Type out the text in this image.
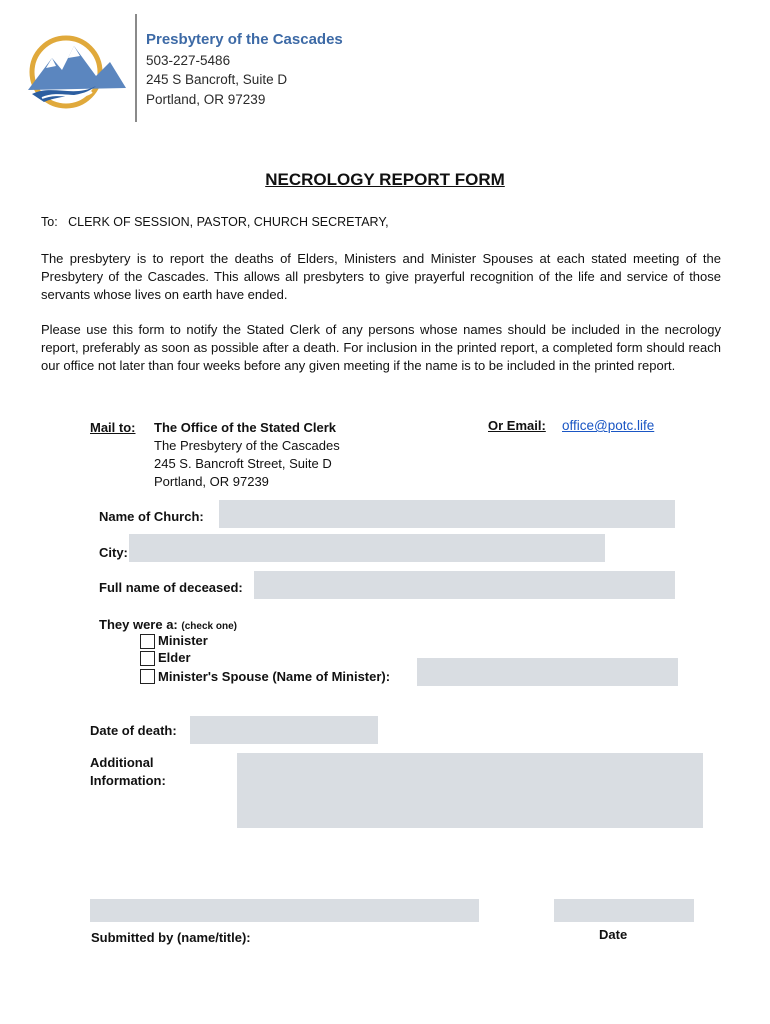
Presbytery of the Cascades
503-227-5486
245 S Bancroft, Suite D
Portland, OR 97239
NECROLOGY REPORT FORM
To: CLERK OF SESSION, PASTOR, CHURCH SECRETARY,
The presbytery is to report the deaths of Elders, Ministers and Minister Spouses at each stated meeting of the Presbytery of the Cascades. This allows all presbyters to give prayerful recognition of the life and service of those servants whose lives on earth have ended.
Please use this form to notify the Stated Clerk of any persons whose names should be included in the necrology report, preferably as soon as possible after a death. For inclusion in the printed report, a completed form should reach our office not later than four weeks before any given meeting if the name is to be included in the printed report.
Mail to: The Office of the Stated Clerk
The Presbytery of the Cascades
245 S. Bancroft Street, Suite D
Portland, OR 97239
Or Email: office@potc.life
Name of Church:
City:
Full name of deceased:
They were a: (check one)
Minister
Elder
Minister's Spouse (Name of Minister):
Date of death:
Additional
Information:
Submitted by (name/title):	Date
